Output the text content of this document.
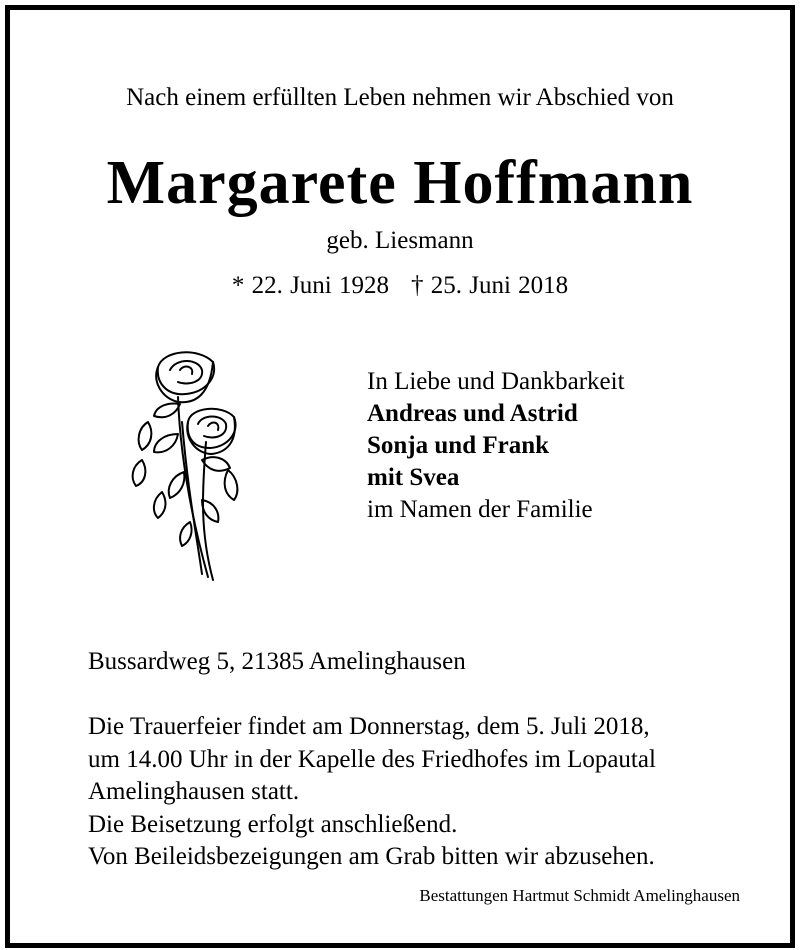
Nach einem erfüllten Leben nehmen wir Abschied von
Margarete Hoffmann
geb. Liesmann
* 22. Juni 1928 † 25. Juni 2018
In Liebe und Dankbarkeit
Andreas und Astrid
Sonja und Frank
mit Svea
im Namen der Familie
Bussardweg 5, 21385 Amelinghausen
Die Trauerfeier findet am Donnerstag, dem 5. Juli 2018,
um 14.00 Uhr in der Kapelle des Friedhofes im Lopautal
Amelinghausen statt.
Die Beisetzung erfolgt anschließend.
Von Beileidsbezeigungen am Grab bitten wir abzusehen.
Bestattungen Hartmut Schmidt Amelinghausen
